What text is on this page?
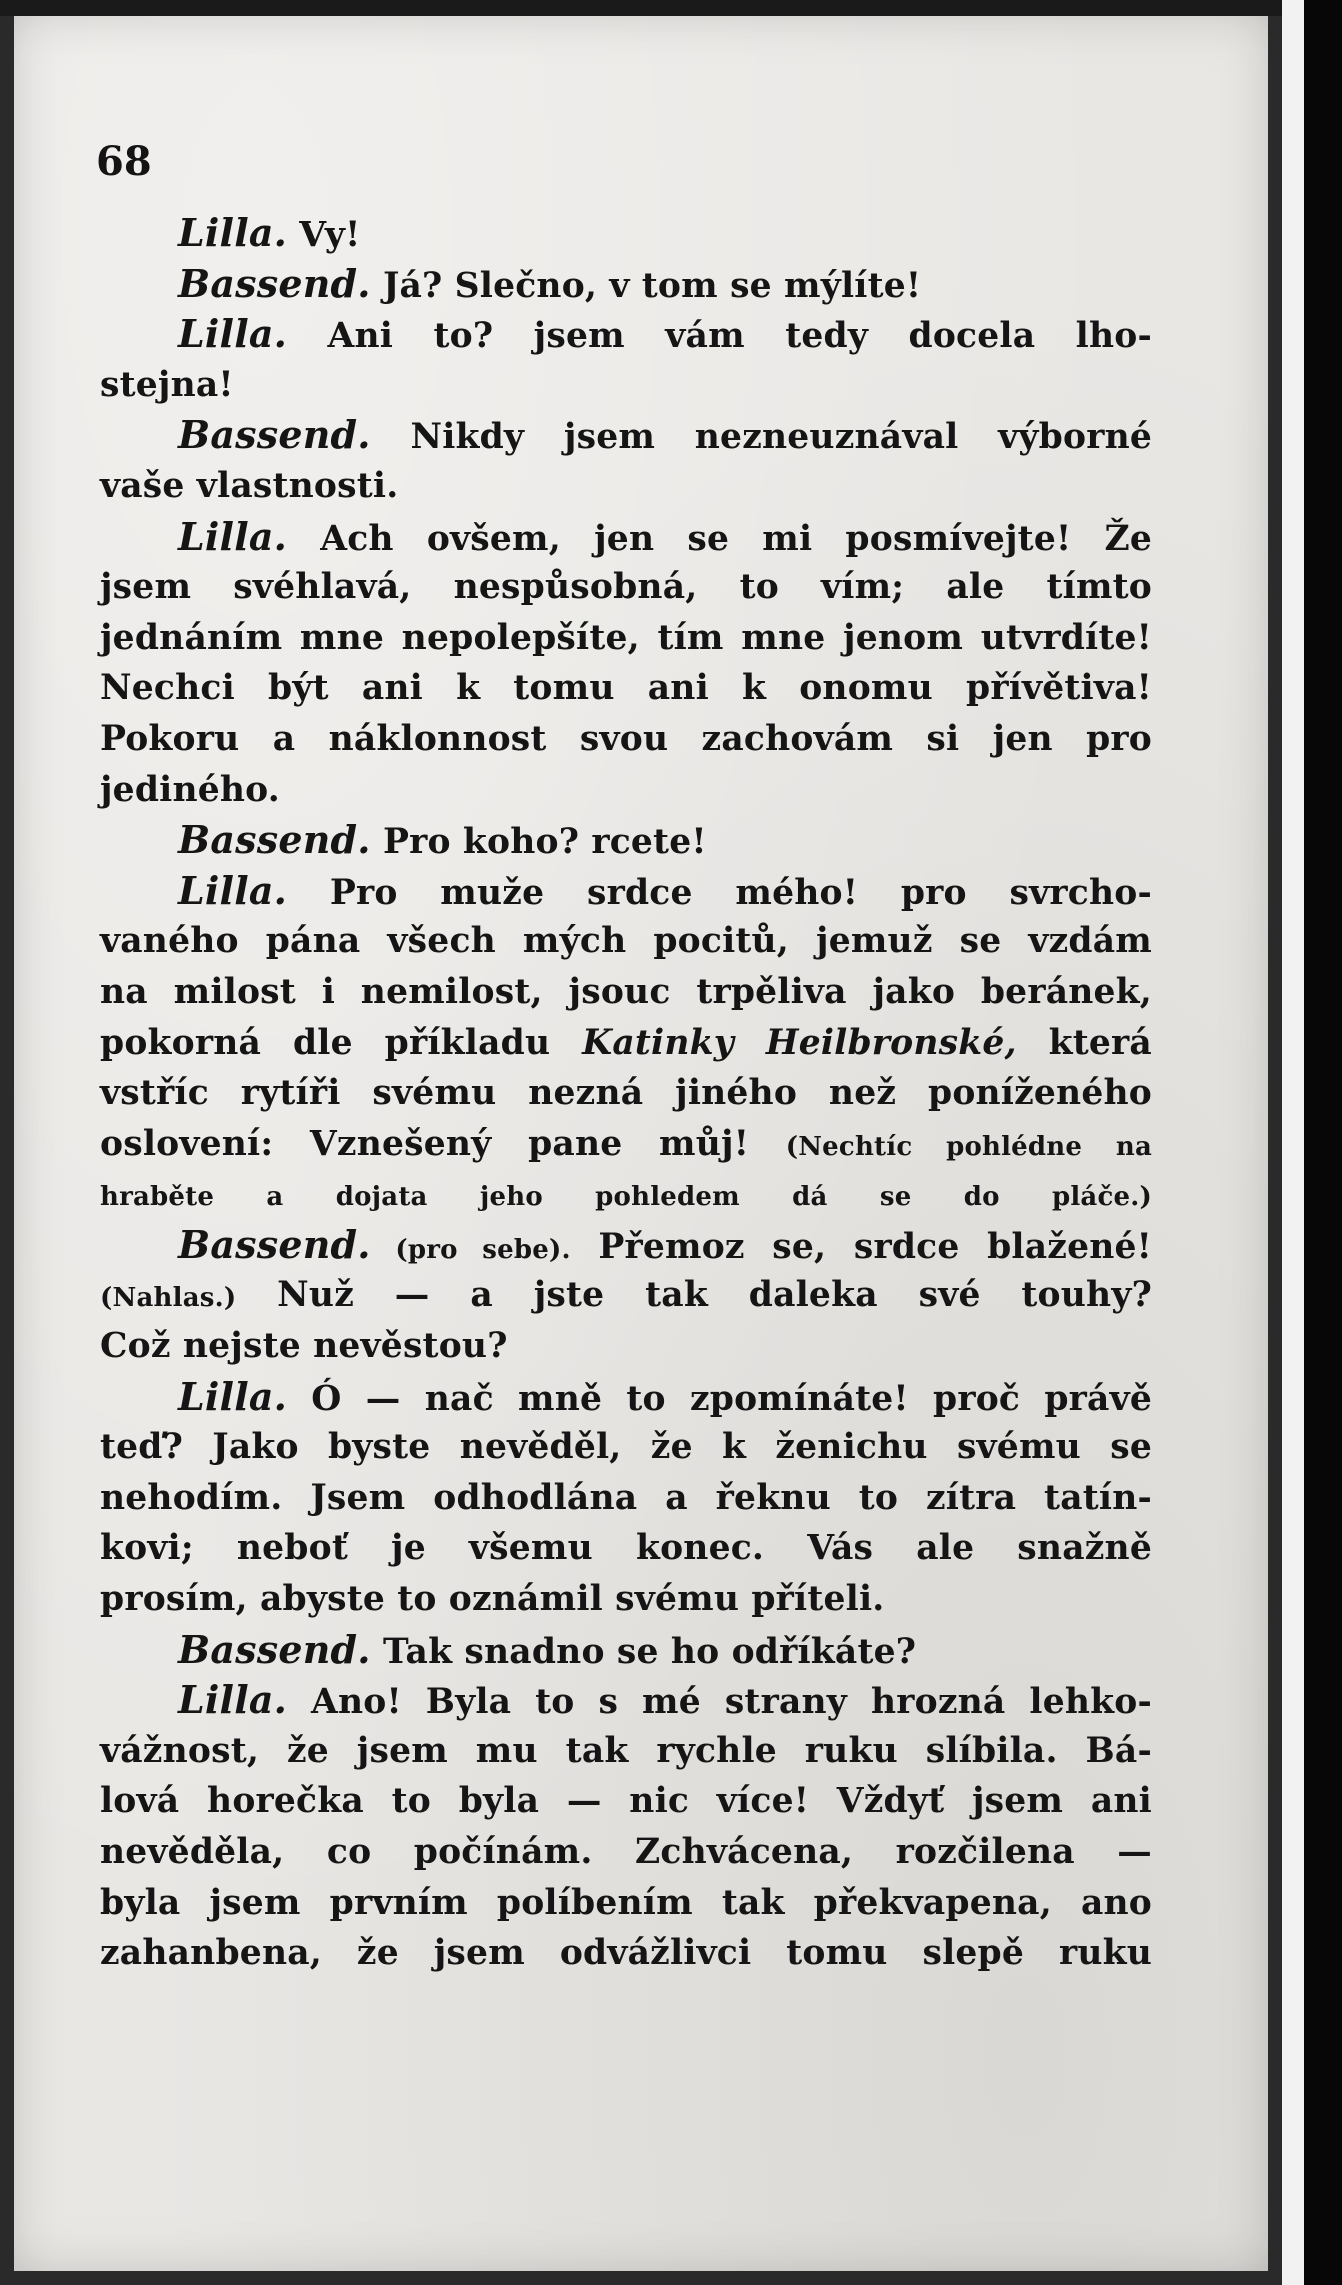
68
Lilla. Vy!
Bassend. Já? Slečno, v tom se mýlíte!
Lilla. Ani to? jsem vám tedy docela lho-
stejna!
Bassend. Nikdy jsem nezneuznával výborné
vaše vlastnosti.
Lilla. Ach ovšem, jen se mi posmívejte! Že
jsem svéhlavá, nespůsobná, to vím; ale tímto
jednáním mne nepolepšíte, tím mne jenom utvrdíte!
Nechci být ani k tomu ani k onomu přívětiva!
Pokoru a náklonnost svou zachovám si jen pro
jediného.
Bassend. Pro koho? rcete!
Lilla. Pro muže srdce mého! pro svrcho-
vaného pána všech mých pocitů, jemuž se vzdám
na milost i nemilost, jsouc trpěliva jako beránek,
pokorná dle příkladu Katinky Heilbronské, která
vstříc rytíři svému nezná jiného než poníženého
oslovení: Vznešený pane můj! (Nechtíc pohlédne na
hraběte a dojata jeho pohledem dá se do pláče.)
Bassend. (pro sebe). Přemoz se, srdce blažené!
(Nahlas.) Nuž — a jste tak daleka své touhy?
Což nejste nevěstou?
Lilla. Ó — nač mně to zpomínáte! proč právě
teď? Jako byste nevěděl, že k ženichu svému se
nehodím. Jsem odhodlána a řeknu to zítra tatín-
kovi; neboť je všemu konec. Vás ale snažně
prosím, abyste to oznámil svému příteli.
Bassend. Tak snadno se ho odříkáte?
Lilla. Ano! Byla to s mé strany hrozná lehko-
vážnost, že jsem mu tak rychle ruku slíbila. Bá-
lová horečka to byla — nic více! Vždyť jsem ani
nevěděla, co počínám. Zchvácena, rozčilena —
byla jsem prvním políbením tak překvapena, ano
zahanbena, že jsem odvážlivci tomu slepě ruku
